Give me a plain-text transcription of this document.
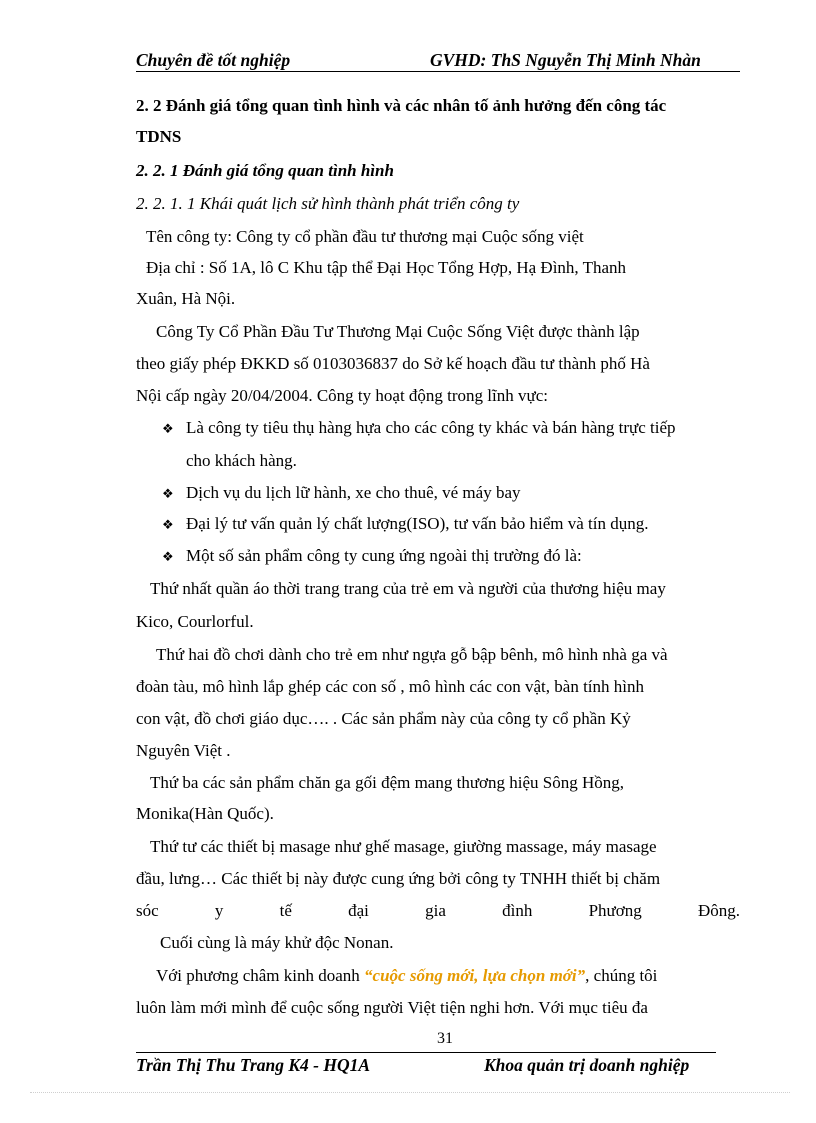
Chuyên đề tốt nghiệp	GVHD: ThS Nguyễn Thị Minh Nhàn
2. 2 Đánh giá tổng quan tình hình và các nhân tố ảnh hưởng đến công tác
TDNS
2. 2. 1 Đánh giá tổng quan tình hình
2. 2. 1. 1 Khái quát lịch sử hình thành phát triển công ty
Tên công ty: Công ty cổ phần đầu tư thương mại Cuộc sống việt
Địa chỉ : Số 1A, lô C Khu tập thể Đại Học Tổng Hợp, Hạ Đình, Thanh
Xuân, Hà Nội.
Công Ty Cổ Phần Đầu Tư Thương Mại Cuộc Sống Việt được thành lập
theo giấy phép ĐKKD số 0103036837 do Sở kế hoạch đầu tư thành phố Hà
Nội cấp ngày 20/04/2004. Công ty hoạt động trong lĩnh vực:
❖ Là công ty tiêu thụ hàng hựa cho các công ty khác và bán hàng trực tiếp
cho khách hàng.
❖ Dịch vụ du lịch lữ hành, xe cho thuê, vé máy bay
❖ Đại lý tư vấn quản lý chất lượng(ISO), tư vấn bảo hiểm và tín dụng.
❖ Một số sản phẩm công ty cung ứng ngoài thị trường đó là:
Thứ nhất quần áo thời trang trang của trẻ em và người của thương hiệu may
Kico, Courlorful.
Thứ hai đồ chơi dành cho trẻ em như ngựa gỗ bập bênh, mô hình nhà ga và
đoàn tàu, mô hình lắp ghép các con số , mô hình các con vật, bàn tính hình
con vật, đồ chơi giáo dục…. . Các sản phẩm này của công ty cổ phần Kỷ
Nguyên Việt .
Thứ ba các sản phẩm chăn ga gối đệm mang thương hiệu Sông Hồng,
Monika(Hàn Quốc).
Thứ tư các thiết bị masage như ghế masage, giường massage, máy masage
đầu, lưng… Các thiết bị này được cung ứng bởi công ty TNHH thiết bị chăm
sóc y tế đại gia đình Phương Đông.
Cuối cùng là máy khử độc Nonan.
Với phương châm kinh doanh “cuộc sống mới, lựa chọn mới”, chúng tôi
luôn làm mới mình để cuộc sống người Việt tiện nghi hơn. Với mục tiêu đa
31
Trần Thị Thu Trang K4 - HQ1A	Khoa quản trị doanh nghiệp
